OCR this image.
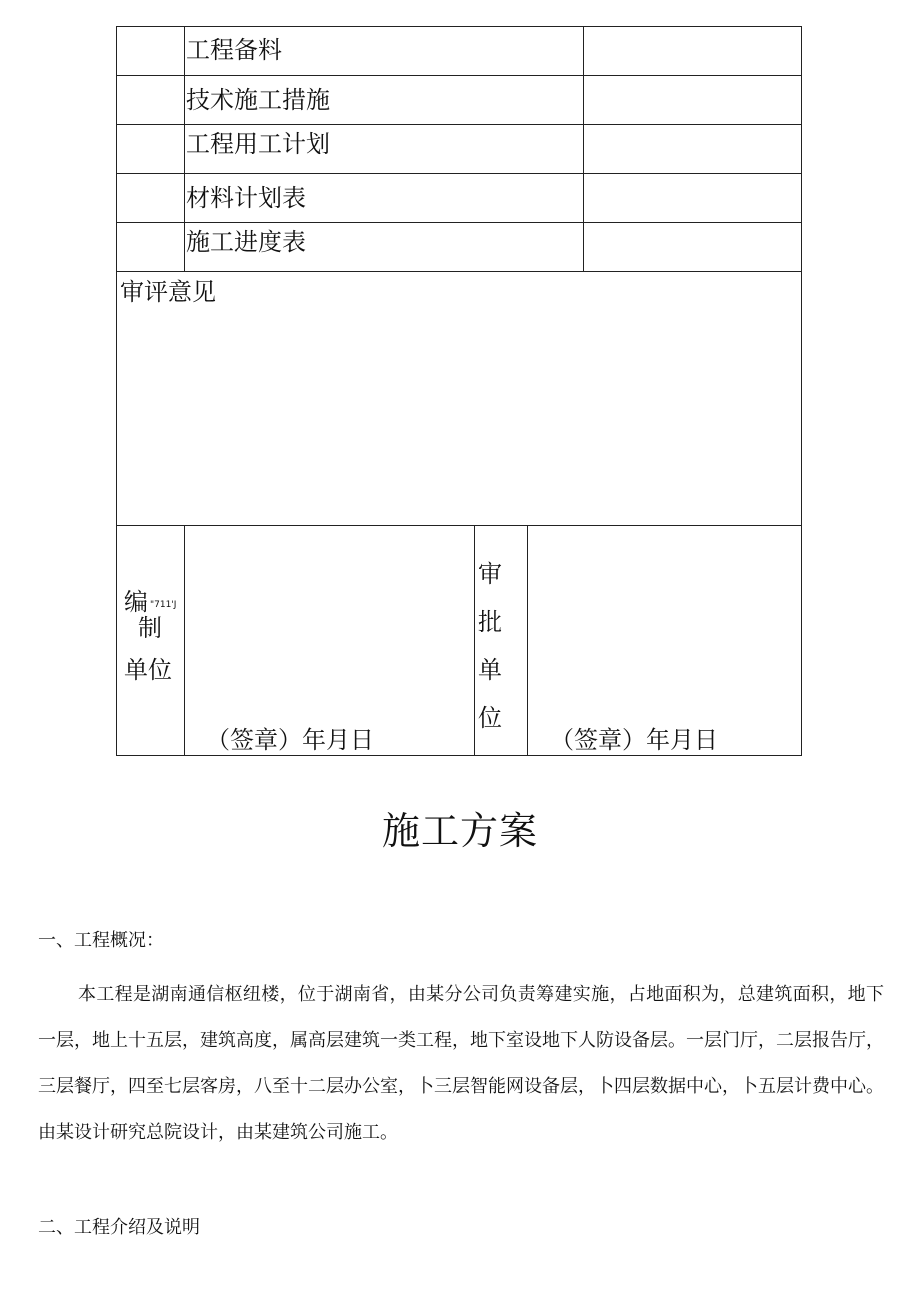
工程备料
技术施工措施
工程用工计划
材料计划表
施工进度表
审评意见
编 "711'J
制
单位
（签章）年月日
审
批
单
位
（签章）年月日
施工方案
一、工程概况：

本工程是湖南通信枢纽楼，位于湖南省，由某分公司负责筹建实施，占地面积为，总建筑面积，地下一层，地上十五层，建筑高度，属高层建筑一类工程，地下室设地下人防设备层。一层门厅，二层报告厅，三层餐厅，四至七层客房，八至十二层办公室，卜三层智能网设备层，卜四层数据中心，卜五层计费中心。由某设计研究总院设计，由某建筑公司施工。

二、工程介绍及说明
